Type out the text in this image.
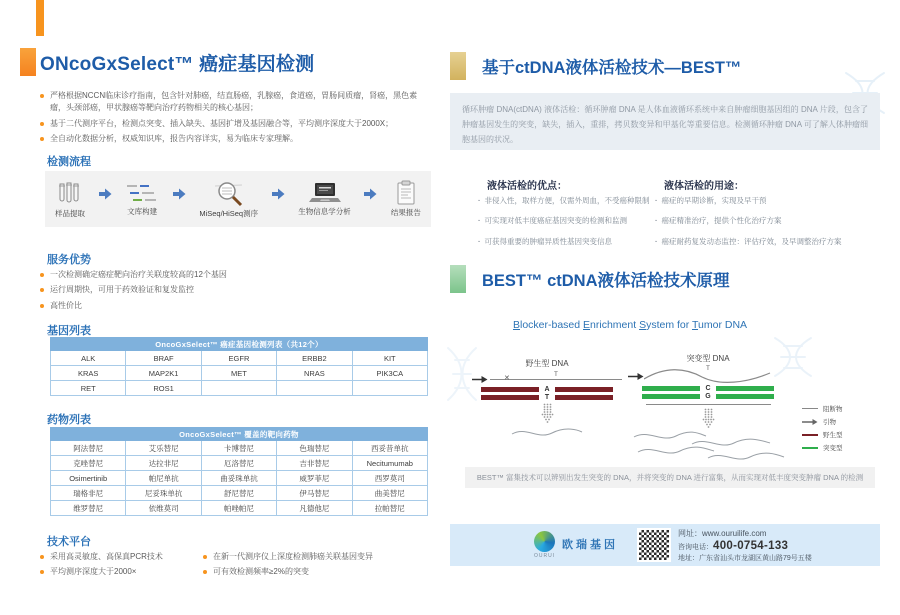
ONcoGxSelect™ 癌症基因检测
严格根据NCCN临床诊疗指南，包含针对肺癌，结直肠癌，乳腺癌，食道癌，胃肠间质瘤，肾癌，黑色素瘤，头颈部癌，甲状腺癌等靶向治疗药物相关的核心基因；
基于二代测序平台，检测点突变、插入缺失、基因扩增及基因融合等，平均测序深度大于2000X；
全自动化数据分析，权威知识库，报告内容详实，易为临床专家理解。
检测流程
样品提取	文库构建	MiSeq/HiSeq测序	生物信息学分析	结果报告
服务优势
一次检测确定癌症靶向治疗关联度较高的12个基因
运行周期快，可用于药效验证和复发监控
高性价比
基因列表
OncoGxSelect™ 癌症基因检测列表（共12个）				
ALK	BRAF	EGFR	ERBB2	KIT
KRAS	MAP2K1	MET	NRAS	PIK3CA
RET	ROS1			
药物列表
OncoGxSelect™ 覆盖的靶向药物				
阿法替尼	艾乐替尼	卡博替尼	色瑞替尼	西妥昔单抗
克唑替尼	达拉非尼	厄洛替尼	吉非替尼	Necitumumab
Osimertinib	帕尼单抗	曲妥珠单抗	威罗菲尼	西罗莫司
瑞格非尼	尼妥珠单抗	舒尼替尼	伊马替尼	曲美替尼
维罗替尼	依维莫司	帕唑帕尼	凡德他尼	拉帕替尼
技术平台
采用高灵敏度、高保真PCR技术
平均测序深度大于2000×
在新一代测序仪上深度检测肺癌关联基因变异
可有效检测频率≥2%的突变
基于ctDNA液体活检技术—BEST™
循环肿瘤 DNA(ctDNA) 液体活检：循环肿瘤 DNA 是人体血液循环系统中来自肿瘤细胞基因组的 DNA 片段，包含了肿瘤基因发生的突变，缺失，插入，重排，拷贝数变异和甲基化等重要信息。检测循环肿瘤 DNA 可了解人体肿瘤细胞基因的状况。
液体活检的优点：
· 非侵入性，取样方便，仅需外周血，不受癌种限制
· 可实现对低丰度癌症基因突变的检测和监测
· 可获得重要的肿瘤异质性基因突变信息
液体活检的用途：
· 癌症的早期诊断，实现及早干预
· 癌症精准治疗，提供个性化治疗方案
· 癌症耐药复发动态监控：评估疗效，及早调整治疗方案
BEST™ ctDNA液体活检技术原理
Blocker-based Enrichment System for Tumor DNA
野生型 DNA
✕
T
A
T
突变型 DNA
T
C
G
阻断物
引物
野生型
突变型
BEST™ 富集技术可以辨别出发生突变的 DNA，并将突变的 DNA 进行富集，从而实现对低丰度突变肿瘤 DNA 的检测
OURUI
欧瑞基因
网址：www.ouruilife.com
咨询电话：400-0754-133
地址：广东省汕头市龙湖区黄山路79号五楼
